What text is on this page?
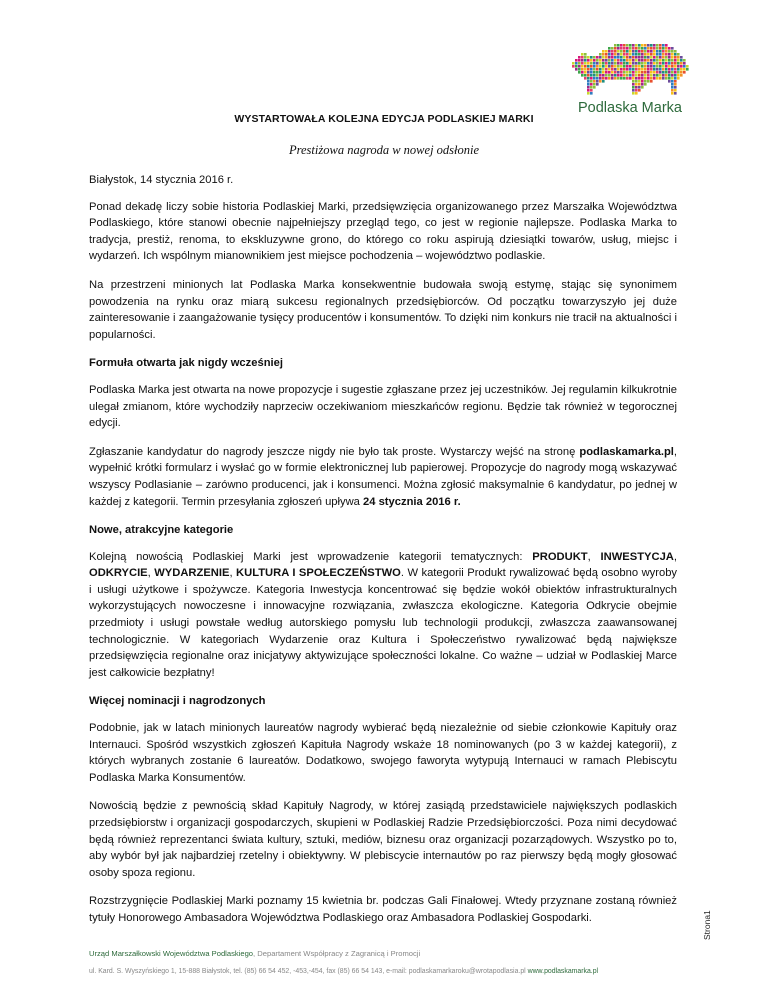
Podlaska Marka
WYSTARTOWAŁA KOLEJNA EDYCJA PODLASKIEJ MARKI
Prestiżowa nagroda w nowej odsłonie

Białystok, 14 stycznia 2016 r.

Ponad dekadę liczy sobie historia Podlaskiej Marki, przedsięwzięcia organizowanego przez Marszałka Województwa Podlaskiego, które stanowi obecnie najpełniejszy przegląd tego, co jest w regionie najlepsze. Podlaska Marka to tradycja, prestiż, renoma, to ekskluzywne grono, do którego co roku aspirują dziesiątki towarów, usług, miejsc i wydarzeń. Ich wspólnym mianownikiem jest miejsce pochodzenia – województwo podlaskie.

Na przestrzeni minionych lat Podlaska Marka konsekwentnie budowała swoją estymę, stając się synonimem powodzenia na rynku oraz miarą sukcesu regionalnych przedsiębiorców. Od początku towarzyszyło jej duże zainteresowanie i zaangażowanie tysięcy producentów i konsumentów. To dzięki nim konkurs nie tracił na aktualności i popularności.

Formuła otwarta jak nigdy wcześniej

Podlaska Marka jest otwarta na nowe propozycje i sugestie zgłaszane przez jej uczestników. Jej regulamin kilkukrotnie ulegał zmianom, które wychodziły naprzeciw oczekiwaniom mieszkańców regionu. Będzie tak również w tegorocznej edycji.

Zgłaszanie kandydatur do nagrody jeszcze nigdy nie było tak proste. Wystarczy wejść na stronę podlaskamarka.pl, wypełnić krótki formularz i wysłać go w formie elektronicznej lub papierowej. Propozycje do nagrody mogą wskazywać wszyscy Podlasianie – zarówno producenci, jak i konsumenci. Można zgłosić maksymalnie 6 kandydatur, po jednej w każdej z kategorii. Termin przesyłania zgłoszeń upływa 24 stycznia 2016 r.

Nowe, atrakcyjne kategorie

Kolejną nowością Podlaskiej Marki jest wprowadzenie kategorii tematycznych: PRODUKT, INWESTYCJA, ODKRYCIE, WYDARZENIE, KULTURA I SPOŁECZEŃSTWO. W kategorii Produkt rywalizować będą osobno wyroby i usługi użytkowe i spożywcze. Kategoria Inwestycja koncentrować się będzie wokół obiektów infrastrukturalnych wykorzystujących nowoczesne i innowacyjne rozwiązania, zwłaszcza ekologiczne. Kategoria Odkrycie obejmie przedmioty i usługi powstałe według autorskiego pomysłu lub technologii produkcji, zwłaszcza zaawansowanej technologicznie. W kategoriach Wydarzenie oraz Kultura i Społeczeństwo rywalizować będą największe przedsięwzięcia regionalne oraz inicjatywy aktywizujące społeczności lokalne. Co ważne – udział w Podlaskiej Marce jest całkowicie bezpłatny!

Więcej nominacji i nagrodzonych

Podobnie, jak w latach minionych laureatów nagrody wybierać będą niezależnie od siebie członkowie Kapituły oraz Internauci. Spośród wszystkich zgłoszeń Kapituła Nagrody wskaże 18 nominowanych (po 3 w każdej kategorii), z których wybranych zostanie 6 laureatów. Dodatkowo, swojego faworyta wytypują Internauci w ramach Plebiscytu Podlaska Marka Konsumentów.

Nowością będzie z pewnością skład Kapituły Nagrody, w której zasiądą przedstawiciele największych podlaskich przedsiębiorstw i organizacji gospodarczych, skupieni w Podlaskiej Radzie Przedsiębiorczości. Poza nimi decydować będą również reprezentanci świata kultury, sztuki, mediów, biznesu oraz organizacji pozarządowych. Wszystko po to, aby wybór był jak najbardziej rzetelny i obiektywny. W plebiscycie internautów po raz pierwszy będą mogły głosować osoby spoza regionu.

Rozstrzygnięcie Podlaskiej Marki poznamy 15 kwietnia br. podczas Gali Finałowej. Wtedy przyznane zostaną również tytuły Honorowego Ambasadora Województwa Podlaskiego oraz Ambasadora Podlaskiej Gospodarki.	Strona1
Urząd Marszałkowski Województwa Podlaskiego, Departament Współpracy z Zagranicą i Promocji
ul. Kard. S. Wyszyńskiego 1, 15-888 Białystok, tel. (85) 66 54 452, -453,-454, fax (85) 66 54 143, e-mail: podlaskamarkaroku@wrotapodlasia.pl www.podlaskamarka.pl
